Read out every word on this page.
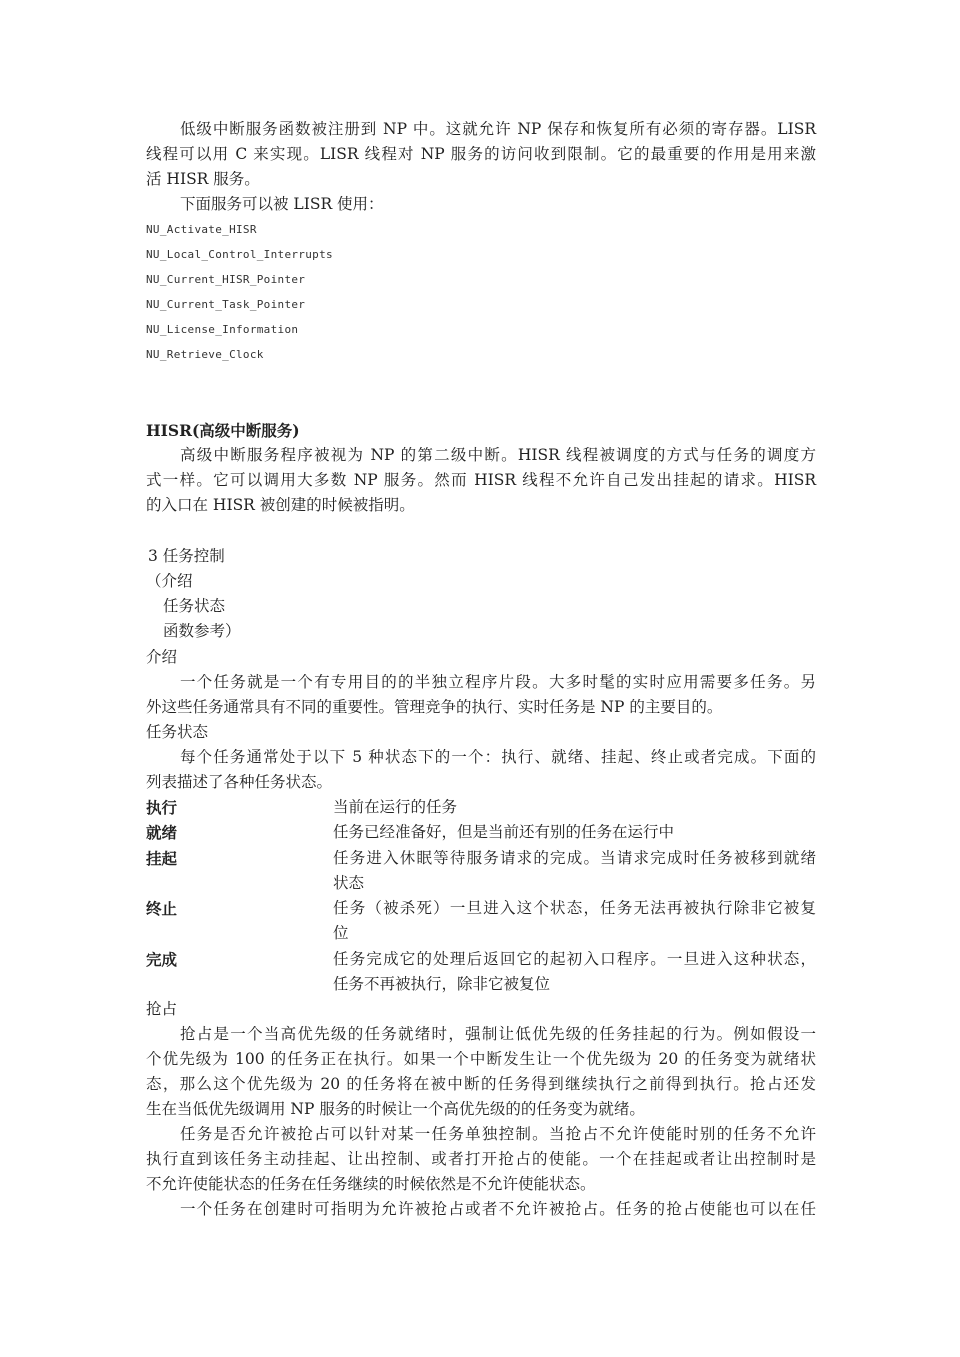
低级中断服务函数被注册到 NP 中。这就允许 NP 保存和恢复所有必须的寄存器。LISR
线程可以用 C 来实现。LISR 线程对 NP 服务的访问收到限制。它的最重要的作用是用来激
活 HISR 服务。
下面服务可以被 LISR 使用：
NU_Activate_HISR
NU_Local_Control_Interrupts
NU_Current_HISR_Pointer
NU_Current_Task_Pointer
NU_License_Information
NU_Retrieve_Clock
HISR(高级中断服务)
高级中断服务程序被视为 NP 的第二级中断。HISR 线程被调度的方式与任务的调度方
式一样。它可以调用大多数 NP 服务。然而 HISR 线程不允许自己发出挂起的请求。HISR
的入口在 HISR 被创建的时候被指明。
3 任务控制
（介绍
任务状态
函数参考）
介绍
一个任务就是一个有专用目的的半独立程序片段。大多时髦的实时应用需要多任务。另
外这些任务通常具有不同的重要性。管理竞争的执行、实时任务是 NP 的主要目的。
任务状态
每个任务通常处于以下 5 种状态下的一个：执行、就绪、挂起、终止或者完成。下面的
列表描述了各种任务状态。
执行	当前在运行的任务
就绪	任务已经准备好，但是当前还有别的任务在运行中
挂起	任务进入休眠等待服务请求的完成。当请求完成时任务被移到就绪
状态
终止	任务（被杀死）一旦进入这个状态，任务无法再被执行除非它被复
位
完成	任务完成它的处理后返回它的起初入口程序。一旦进入这种状态，
任务不再被执行，除非它被复位
抢占
抢占是一个当高优先级的任务就绪时，强制让低优先级的任务挂起的行为。例如假设一
个优先级为 100 的任务正在执行。如果一个中断发生让一个优先级为 20 的任务变为就绪状
态，那么这个优先级为 20 的任务将在被中断的任务得到继续执行之前得到执行。抢占还发
生在当低优先级调用 NP 服务的时候让一个高优先级的的任务变为就绪。
任务是否允许被抢占可以针对某一任务单独控制。当抢占不允许使能时别的任务不允许
执行直到该任务主动挂起、让出控制、或者打开抢占的使能。一个在挂起或者让出控制时是
不允许使能状态的任务在任务继续的时候依然是不允许使能状态。
一个任务在创建时可指明为允许被抢占或者不允许被抢占。任务的抢占使能也可以在任
